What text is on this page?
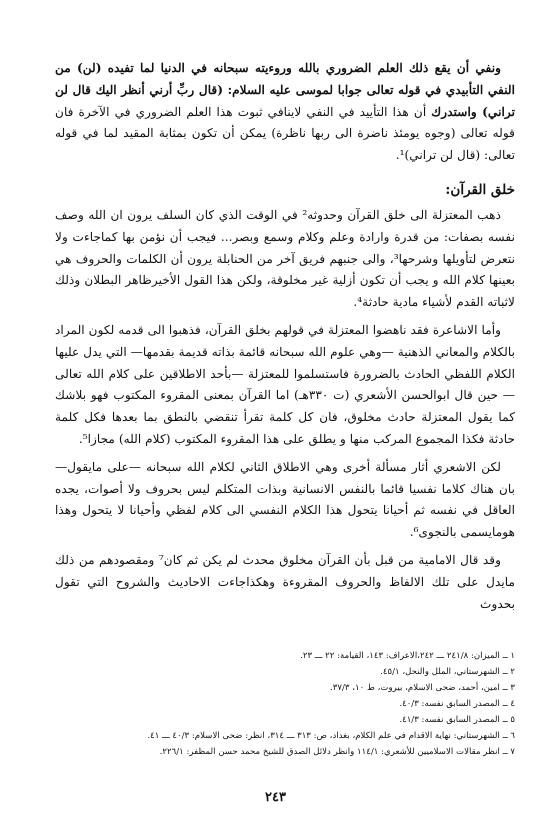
ونفي أن يقع ذلك العلم الضروري بالله وروءيته سبحانه في الدنيا لما تفيده (لن) من النفي التأبيدي في قوله تعالى جوابا لموسى عليه السلام: (قال ربِّ أرني أنظر اليك قال لن تراني) واستدرك أن هذا التأييد في النفي لاينافي ثبوت هذا العلم الضروري في الآخرة فان قوله تعالى (وجوه يومئذ ناضرة الى ربها ناظرة) يمكن أن تكون بمثابة المقيد لما في قوله تعالى: (قال لن تراني)¹.

خلق القرآن:

ذهب المعتزلة الى خلق القرآن وحدوثه² في الوقت الذي كان السلف يرون ان الله وصف نفسه بصفات: من قدرة وارادة وعلم وكلام وسمع وبصر... فيجب أن نؤمن بها كماجاءت ولا نتعرض لتأويلها وشرحها³، والى جنبهم فريق آخر من الحنابلة يرون أن الكلمات والحروف هي بعينها كلام الله و يجب أن تكون أزلية غير مخلوقة، ولكن هذا القول الأخيرظاهر البطلان وذلك لاثباته القدم لأشياء مادية حادثة⁴.

وأما الاشاعرة فقد ناهضوا المعتزلة في قولهم بخلق القرآن، فذهبوا الى قدمه لكون المراد بالكلام والمعاني الذهنية —وهي علوم الله سبحانه قائمة بذاته قديمة بقدمها— التي يدل عليها الكلام اللفظي الحادث بالضرورة فاستسلموا للمعتزلة —بأحد الاطلاقين على كلام الله تعالى— حين قال ابوالحسن الأشعري (ت ٣٣٠هـ) اما القرآن بمعنى المقروء المكتوب فهو بلاشك كما يقول المعتزلة حادث مخلوق، فان كل كلمة تقرأ تنقضي بالنطق بما بعدها فكل كلمة حادثة فكذا المجموع المركب منها و يطلق على هذا المقروء المكتوب (كلام الله) مجازا⁵.

لكن الاشعري أثار مسألة أخرى وهي الاطلاق الثاني لكلام الله سبحانه —على مايقول— بان هناك كلاما نفسيا قائما بالنفس الانسانية وبذات المتكلم ليس بحروف ولا أصوات، يجده العاقل في نفسه ثم أحيانا يتحول هذا الكلام النفسي الى كلام لفظي وأحيانا لا يتحول وهذا هومايسمى بالنجوى⁶.

وقد قال الامامية من قبل بأن القرآن مخلوق محدث لم يكن ثم كان⁷ ومقصودهم من ذلك مايدل على تلك الالفاظ والحروف المقروءة وهكذاجاءت الاحاديث والشروح التي تقول بحدوث

١ ــ الميزان: ٢٤١/٨ ـــ ٢٤٢،الاعراف: ١٤٣، القيامة: ٢٢ ـــ ٢٣.

٢ ــ الشهرستاني، الملل والنحل، ٤٥/١.

٣ ــ امين، أحمد، ضحى الاسلام، بيروت، ط ١٠، ٣٧/٣.

٤ ــ المصدر السابق نفسه: ٤٠/٣.

٥ ــ المصدر السابق نفسه: ٤١/٣.

٦ ــ الشهرستاني: نهاية الاقدام في علم الكلام، بغداد، ص: ٣١٣ ـــ ٣١٤، انظر: ضحى الاسلام: ٤٠/٣ ـــ ٤١.

٧ ــ انظر مقالات الاسلاميين للأشعري: ١١٤/١ وانظر دلائل الصدق للشيخ محمد حسن المظفر: ٢٢٦/١.

٢٤٣
